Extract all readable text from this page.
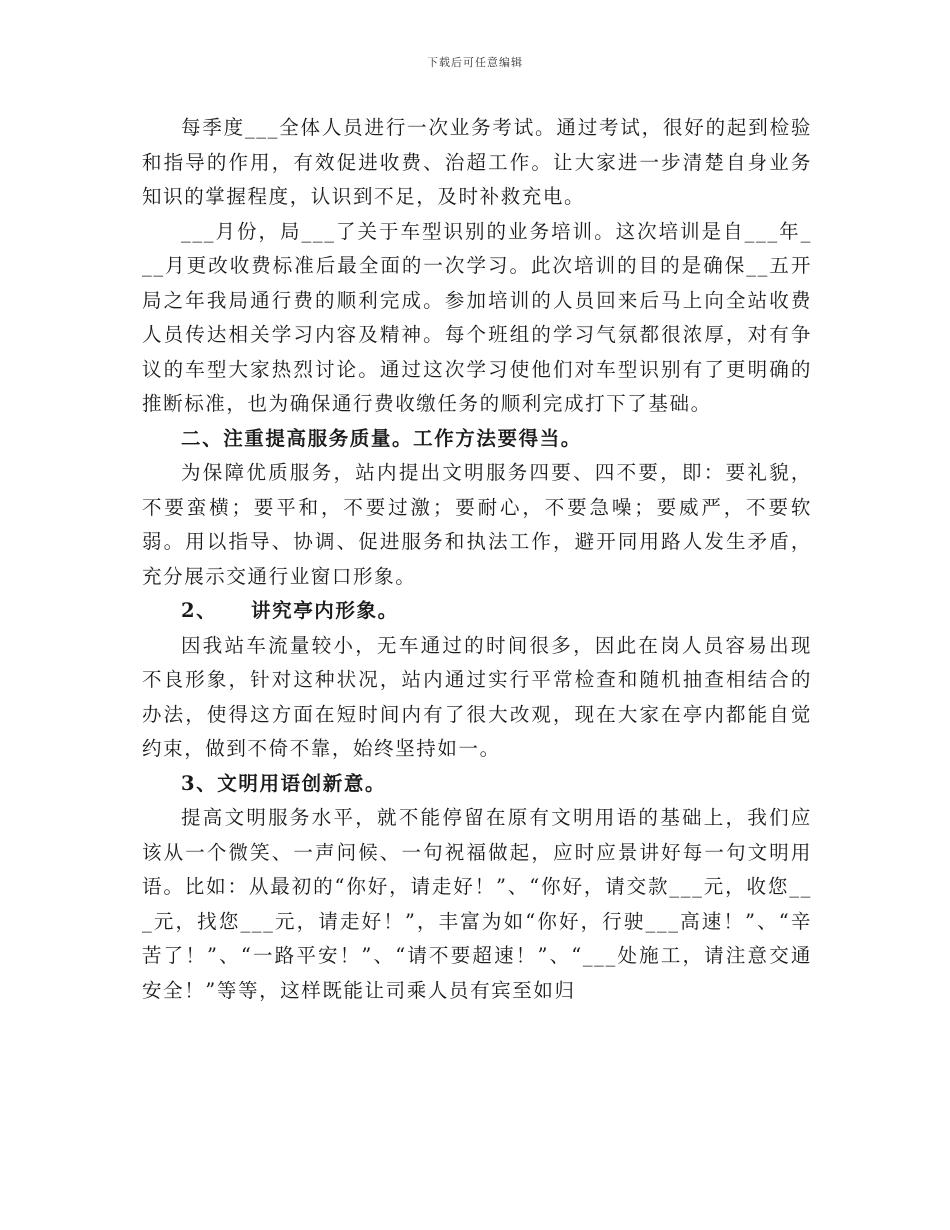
下载后可任意编辑

每季度___全体人员进行一次业务考试。通过考试，很好的起到检验和指导的作用，有效促进收费、治超工作。让大家进一步清楚自身业务知识的掌握程度，认识到不足，及时补救充电。

___月份，局___了关于车型识别的业务培训。这次培训是自___年___月更改收费标准后最全面的一次学习。此次培训的目的是确保__五开局之年我局通行费的顺利完成。参加培训的人员回来后马上向全站收费人员传达相关学习内容及精神。每个班组的学习气氛都很浓厚，对有争议的车型大家热烈讨论。通过这次学习使他们对车型识别有了更明确的推断标准，也为确保通行费收缴任务的顺利完成打下了基础。

二、注重提高服务质量。工作方法要得当。

为保障优质服务，站内提出文明服务四要、四不要，即：要礼貌，不要蛮横；要平和，不要过激；要耐心，不要急噪；要威严，不要软弱。用以指导、协调、促进服务和执法工作，避开同用路人发生矛盾，充分展示交通行业窗口形象。

2、 讲究亭内形象。

因我站车流量较小，无车通过的时间很多，因此在岗人员容易出现不良形象，针对这种状况，站内通过实行平常检查和随机抽查相结合的办法，使得这方面在短时间内有了很大改观，现在大家在亭内都能自觉约束，做到不倚不靠，始终坚持如一。

3、文明用语创新意。

提高文明服务水平，就不能停留在原有文明用语的基础上，我们应该从一个微笑、一声问候、一句祝福做起，应时应景讲好每一句文明用语。比如：从最初的“你好，请走好！”、“你好，请交款___元，收您___元，找您___元，请走好！”，丰富为如“你好，行驶___高速！”、“辛苦了！”、“一路平安！”、“请不要超速！”、“___处施工，请注意交通安全！”等等，这样既能让司乘人员有宾至如归
